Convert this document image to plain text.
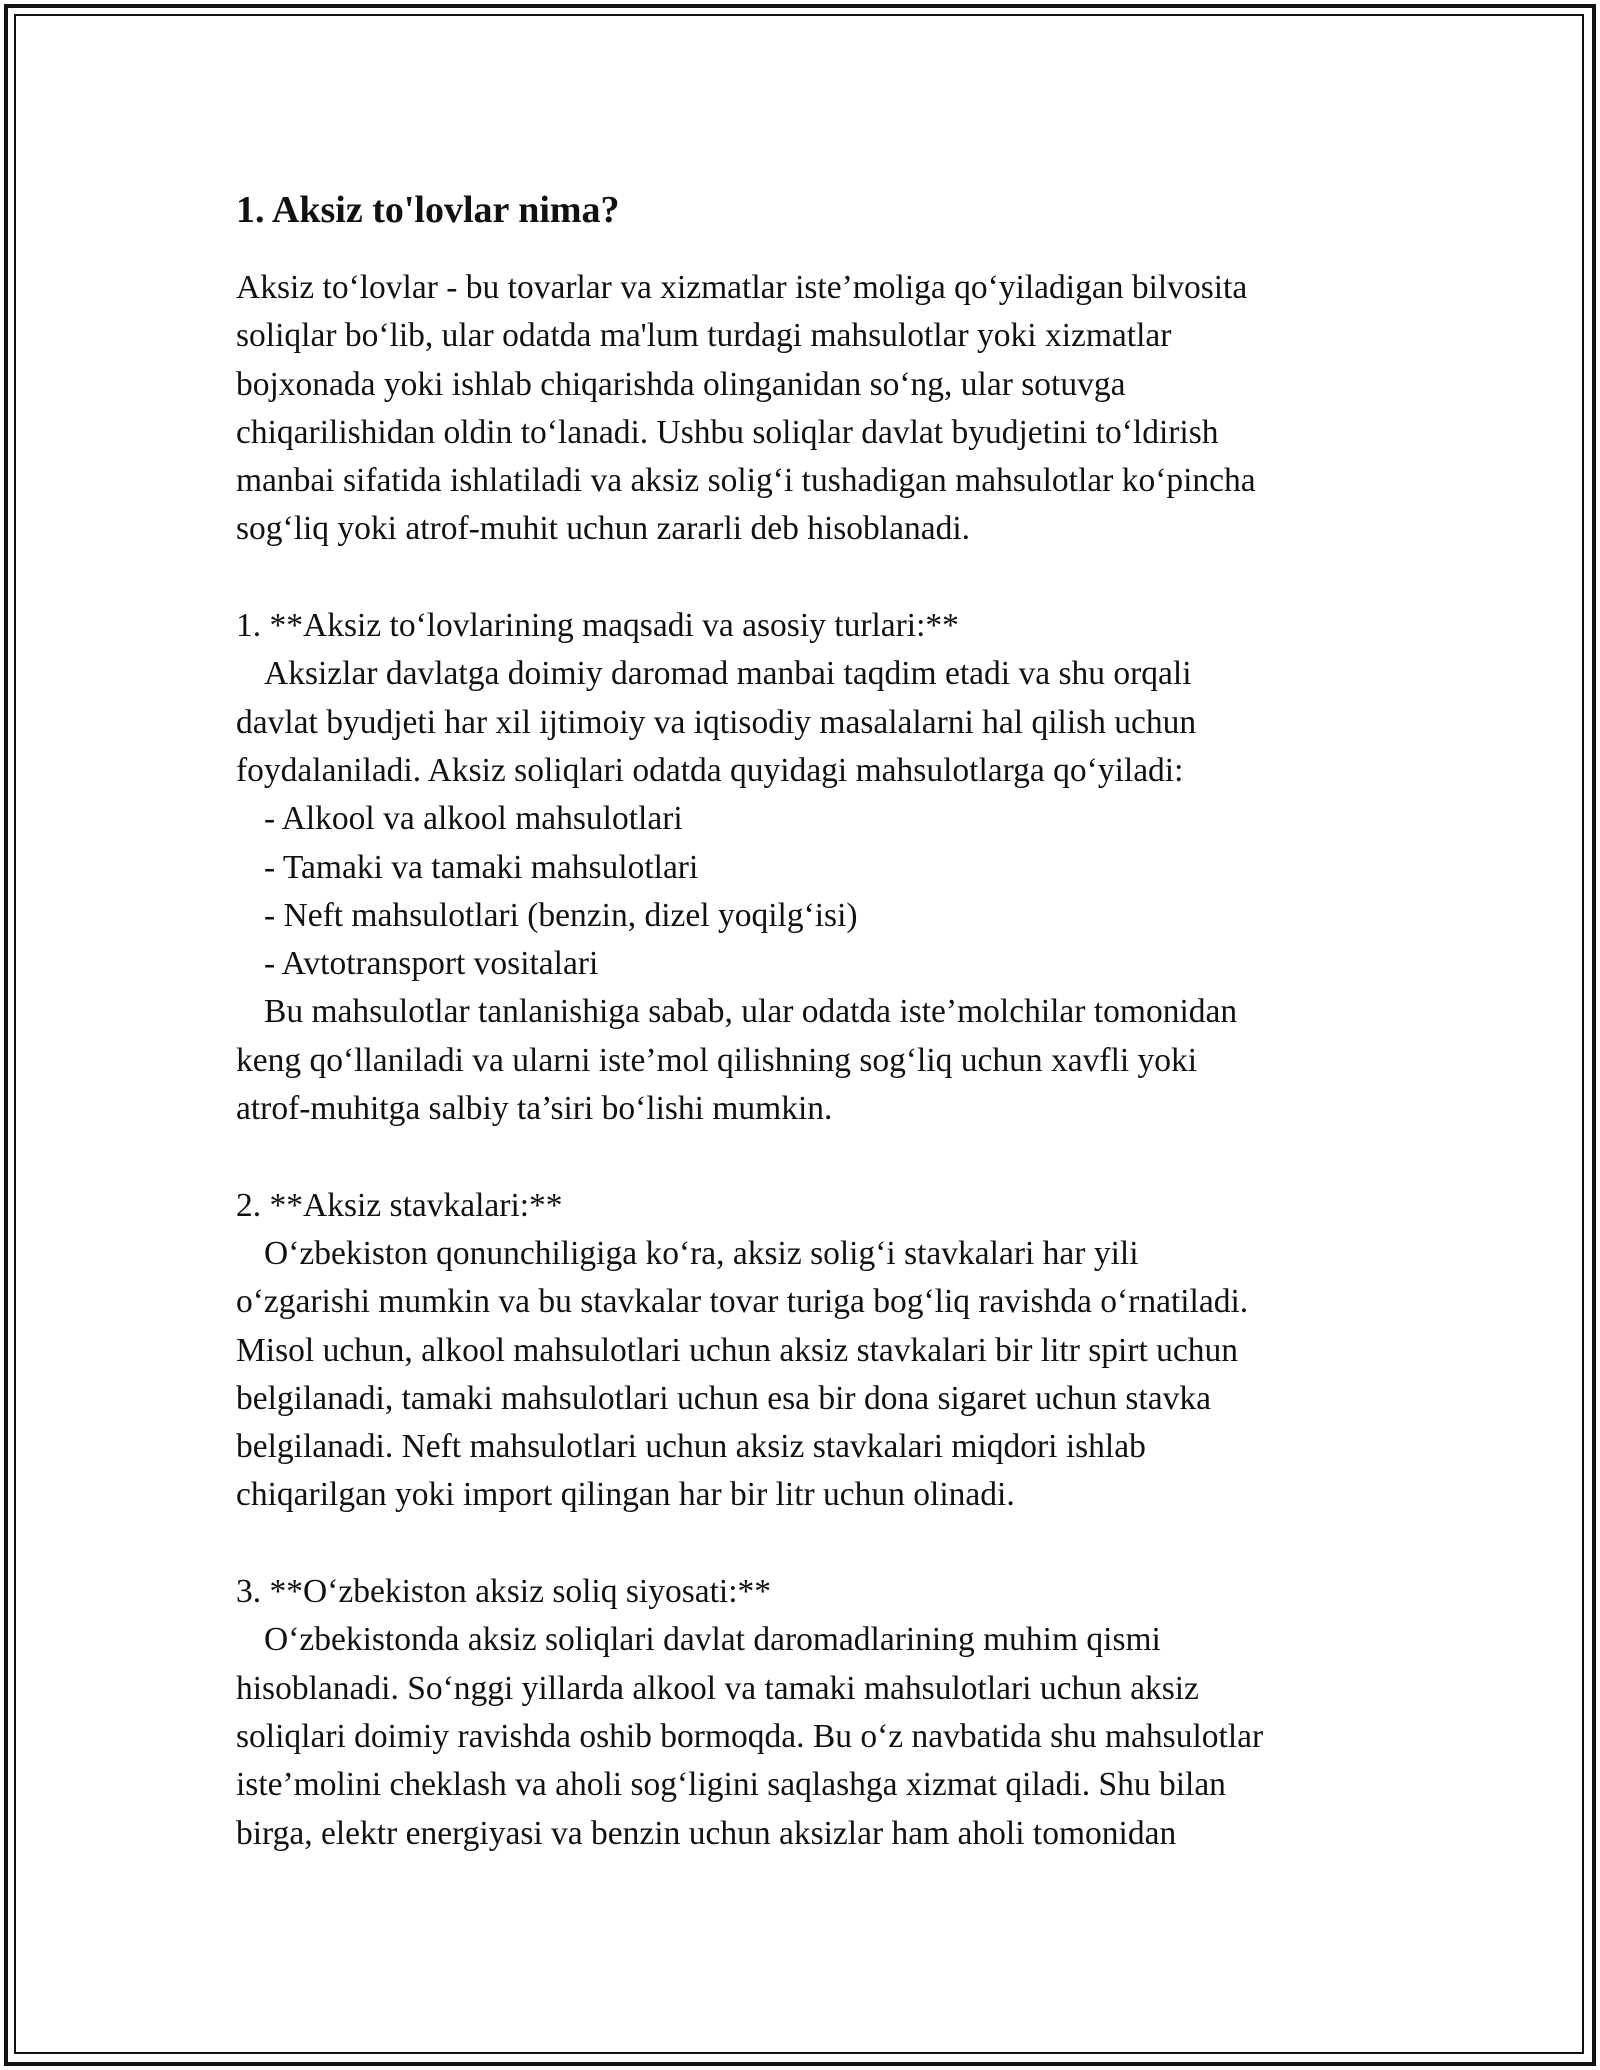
1. Aksiz to'lovlar nima?

Aksiz to‘lovlar - bu tovarlar va xizmatlar iste’moliga qo‘yiladigan bilvosita

soliqlar bo‘lib, ular odatda ma'lum turdagi mahsulotlar yoki xizmatlar

bojxonada yoki ishlab chiqarishda olinganidan so‘ng, ular sotuvga

chiqarilishidan oldin to‘lanadi. Ushbu soliqlar davlat byudjetini to‘ldirish

manbai sifatida ishlatiladi va aksiz solig‘i tushadigan mahsulotlar ko‘pincha

sog‘liq yoki atrof-muhit uchun zararli deb hisoblanadi.

1. **Aksiz to‘lovlarining maqsadi va asosiy turlari:**

Aksizlar davlatga doimiy daromad manbai taqdim etadi va shu orqali

davlat byudjeti har xil ijtimoiy va iqtisodiy masalalarni hal qilish uchun

foydalaniladi. Aksiz soliqlari odatda quyidagi mahsulotlarga qo‘yiladi:

- Alkool va alkool mahsulotlari

- Tamaki va tamaki mahsulotlari

- Neft mahsulotlari (benzin, dizel yoqilg‘isi)

- Avtotransport vositalari

Bu mahsulotlar tanlanishiga sabab, ular odatda iste’molchilar tomonidan

keng qo‘llaniladi va ularni iste’mol qilishning sog‘liq uchun xavfli yoki

atrof-muhitga salbiy ta’siri bo‘lishi mumkin.

2. **Aksiz stavkalari:**

O‘zbekiston qonunchiligiga ko‘ra, aksiz solig‘i stavkalari har yili

o‘zgarishi mumkin va bu stavkalar tovar turiga bog‘liq ravishda o‘rnatiladi.

Misol uchun, alkool mahsulotlari uchun aksiz stavkalari bir litr spirt uchun

belgilanadi, tamaki mahsulotlari uchun esa bir dona sigaret uchun stavka

belgilanadi. Neft mahsulotlari uchun aksiz stavkalari miqdori ishlab

chiqarilgan yoki import qilingan har bir litr uchun olinadi.

3. **O‘zbekiston aksiz soliq siyosati:**

O‘zbekistonda aksiz soliqlari davlat daromadlarining muhim qismi

hisoblanadi. So‘nggi yillarda alkool va tamaki mahsulotlari uchun aksiz

soliqlari doimiy ravishda oshib bormoqda. Bu o‘z navbatida shu mahsulotlar

iste’molini cheklash va aholi sog‘ligini saqlashga xizmat qiladi. Shu bilan

birga, elektr energiyasi va benzin uchun aksizlar ham aholi tomonidan
